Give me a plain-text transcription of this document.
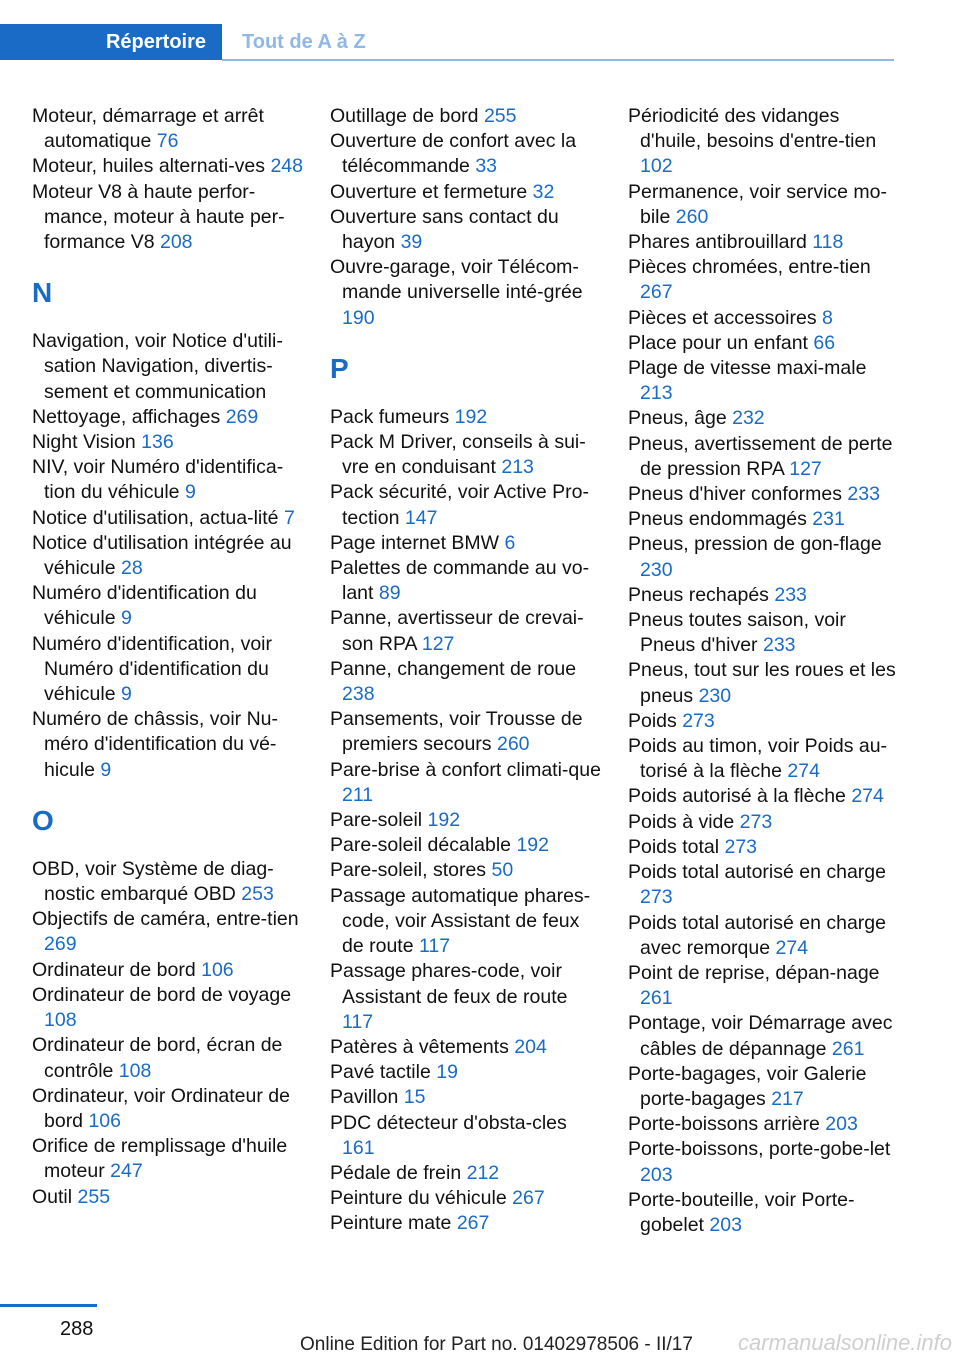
Répertoire	Tout de A à Z
Moteur, démarrage et arrêt automatique 76
Moteur, huiles alternati-ves 248
Moteur V8 à haute perfor-mance, moteur à haute per-formance V8 208
N
Navigation, voir Notice d'utili-sation Navigation, divertis-sement et communication
Nettoyage, affichages 269
Night Vision 136
NIV, voir Numéro d'identifica-tion du véhicule 9
Notice d'utilisation, actua-lité 7
Notice d'utilisation intégrée au véhicule 28
Numéro d'identification du véhicule 9
Numéro d'identification, voir Numéro d'identification du véhicule 9
Numéro de châssis, voir Nu-méro d'identification du vé-hicule 9
O
OBD, voir Système de diag-nostic embarqué OBD 253
Objectifs de caméra, entre-tien 269
Ordinateur de bord 106
Ordinateur de bord de voyage 108
Ordinateur de bord, écran de contrôle 108
Ordinateur, voir Ordinateur de bord 106
Orifice de remplissage d'huile moteur 247
Outil 255
Outillage de bord 255
Ouverture de confort avec la télécommande 33
Ouverture et fermeture 32
Ouverture sans contact du hayon 39
Ouvre-garage, voir Télécom-mande universelle inté-grée 190
P
Pack fumeurs 192
Pack M Driver, conseils à sui-vre en conduisant 213
Pack sécurité, voir Active Pro-tection 147
Page internet BMW 6
Palettes de commande au vo-lant 89
Panne, avertisseur de crevai-son RPA 127
Panne, changement de roue 238
Pansements, voir Trousse de premiers secours 260
Pare-brise à confort climati-que 211
Pare-soleil 192
Pare-soleil décalable 192
Pare-soleil, stores 50
Passage automatique phares-code, voir Assistant de feux de route 117
Passage phares-code, voir Assistant de feux de route 117
Patères à vêtements 204
Pavé tactile 19
Pavillon 15
PDC détecteur d'obsta-cles 161
Pédale de frein 212
Peinture du véhicule 267
Peinture mate 267
Périodicité des vidanges d'huile, besoins d'entre-tien 102
Permanence, voir service mo-bile 260
Phares antibrouillard 118
Pièces chromées, entre-tien 267
Pièces et accessoires 8
Place pour un enfant 66
Plage de vitesse maxi-male 213
Pneus, âge 232
Pneus, avertissement de perte de pression RPA 127
Pneus d'hiver conformes 233
Pneus endommagés 231
Pneus, pression de gon-flage 230
Pneus rechapés 233
Pneus toutes saison, voir Pneus d'hiver 233
Pneus, tout sur les roues et les pneus 230
Poids 273
Poids au timon, voir Poids au-torisé à la flèche 274
Poids autorisé à la flèche 274
Poids à vide 273
Poids total 273
Poids total autorisé en charge 273
Poids total autorisé en charge avec remorque 274
Point de reprise, dépan-nage 261
Pontage, voir Démarrage avec câbles de dépannage 261
Porte-bagages, voir Galerie porte-bagages 217
Porte-boissons arrière 203
Porte-boissons, porte-gobe-let 203
Porte-bouteille, voir Porte-gobelet 203
288
Online Edition for Part no. 01402978506 - II/17 carmanualsonline.info
